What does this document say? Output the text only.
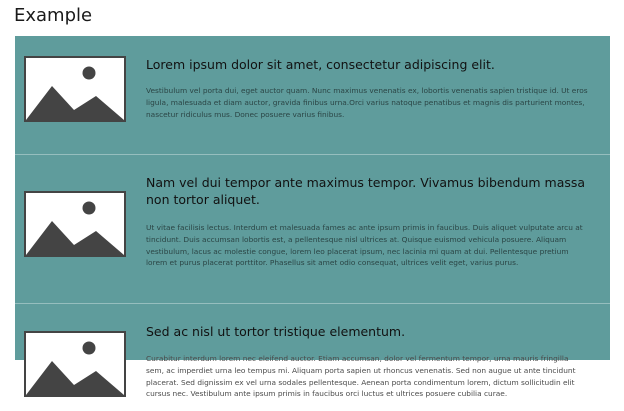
Example
Lorem ipsum dolor sit amet, consectetur adipiscing elit.

Vestibulum vel porta dui, eget auctor quam. Nunc maximus venenatis ex, lobortis venenatis sapien tristique id. Ut eros ligula, malesuada et diam auctor, gravida finibus urna.Orci varius natoque penatibus et magnis dis parturient montes, nascetur ridiculus mus. Donec posuere varius finibus.

Nam vel dui tempor ante maximus tempor. Vivamus bibendum massa non tortor aliquet.

Ut vitae facilisis lectus. Interdum et malesuada fames ac ante ipsum primis in faucibus. Duis aliquet vulputate arcu at tincidunt. Duis accumsan lobortis est, a pellentesque nisl ultrices at. Quisque euismod vehicula posuere. Aliquam vestibulum, lacus ac molestie congue, lorem leo placerat ipsum, nec lacinia mi quam at dui. Pellentesque pretium lorem et purus placerat porttitor. Phasellus sit amet odio consequat, ultrices velit eget, varius purus.

Sed ac nisl ut tortor tristique elementum.

Curabitur interdum lorem nec eleifend auctor. Etiam accumsan, dolor vel fermentum tempor, urna mauris fringilla sem, ac imperdiet urna leo tempus mi. Aliquam porta sapien ut rhoncus venenatis. Sed non augue ut ante tincidunt placerat. Sed dignissim ex vel urna sodales pellentesque. Aenean porta condimentum lorem, dictum sollicitudin elit cursus nec. Vestibulum ante ipsum primis in faucibus orci luctus et ultrices posuere cubilia curae.
